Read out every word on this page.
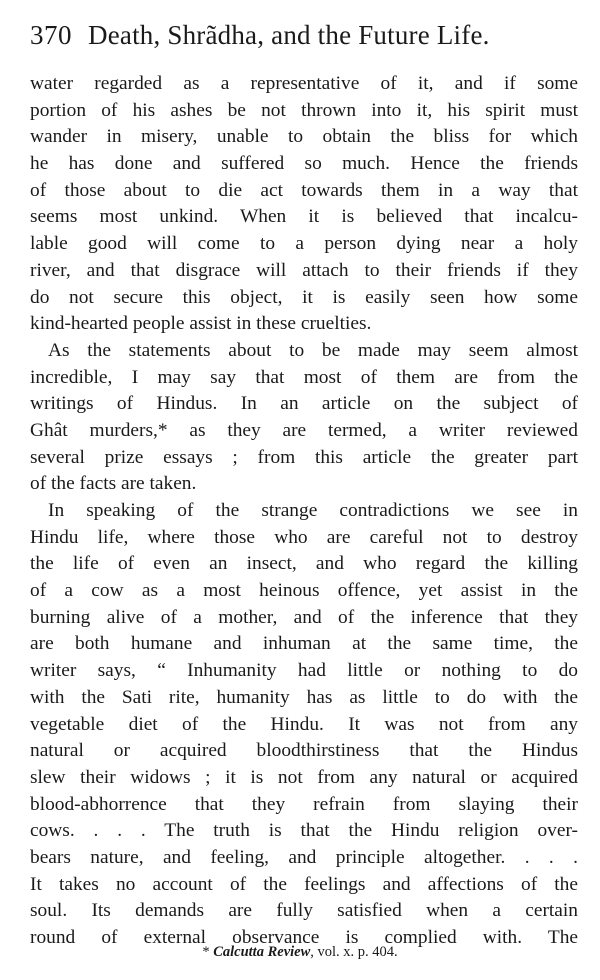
370 Death, Shrãdha, and the Future Life.
water regarded as a representative of it, and if some
portion of his ashes be not thrown into it, his spirit must
wander in misery, unable to obtain the bliss for which
he has done and suffered so much. Hence the friends
of those about to die act towards them in a way that
seems most unkind. When it is believed that incalcu-
lable good will come to a person dying near a holy
river, and that disgrace will attach to their friends if they
do not secure this object, it is easily seen how some
kind-hearted people assist in these cruelties.
As the statements about to be made may seem almost
incredible, I may say that most of them are from the
writings of Hindus. In an article on the subject of
Ghât murders,* as they are termed, a writer reviewed
several prize essays ; from this article the greater part
of the facts are taken.
In speaking of the strange contradictions we see in
Hindu life, where those who are careful not to destroy
the life of even an insect, and who regard the killing
of a cow as a most heinous offence, yet assist in the
burning alive of a mother, and of the inference that they
are both humane and inhuman at the same time, the
writer says, “ Inhumanity had little or nothing to do
with the Sati rite, humanity has as little to do with the
vegetable diet of the Hindu. It was not from any
natural or acquired bloodthirstiness that the Hindus
slew their widows ; it is not from any natural or acquired
blood-abhorrence that they refrain from slaying their
cows. . . . The truth is that the Hindu religion over-
bears nature, and feeling, and principle altogether. . . .
It takes no account of the feelings and affections of the
soul. Its demands are fully satisfied when a certain
round of external observance is complied with. The
* Calcutta Review, vol. x. p. 404.
